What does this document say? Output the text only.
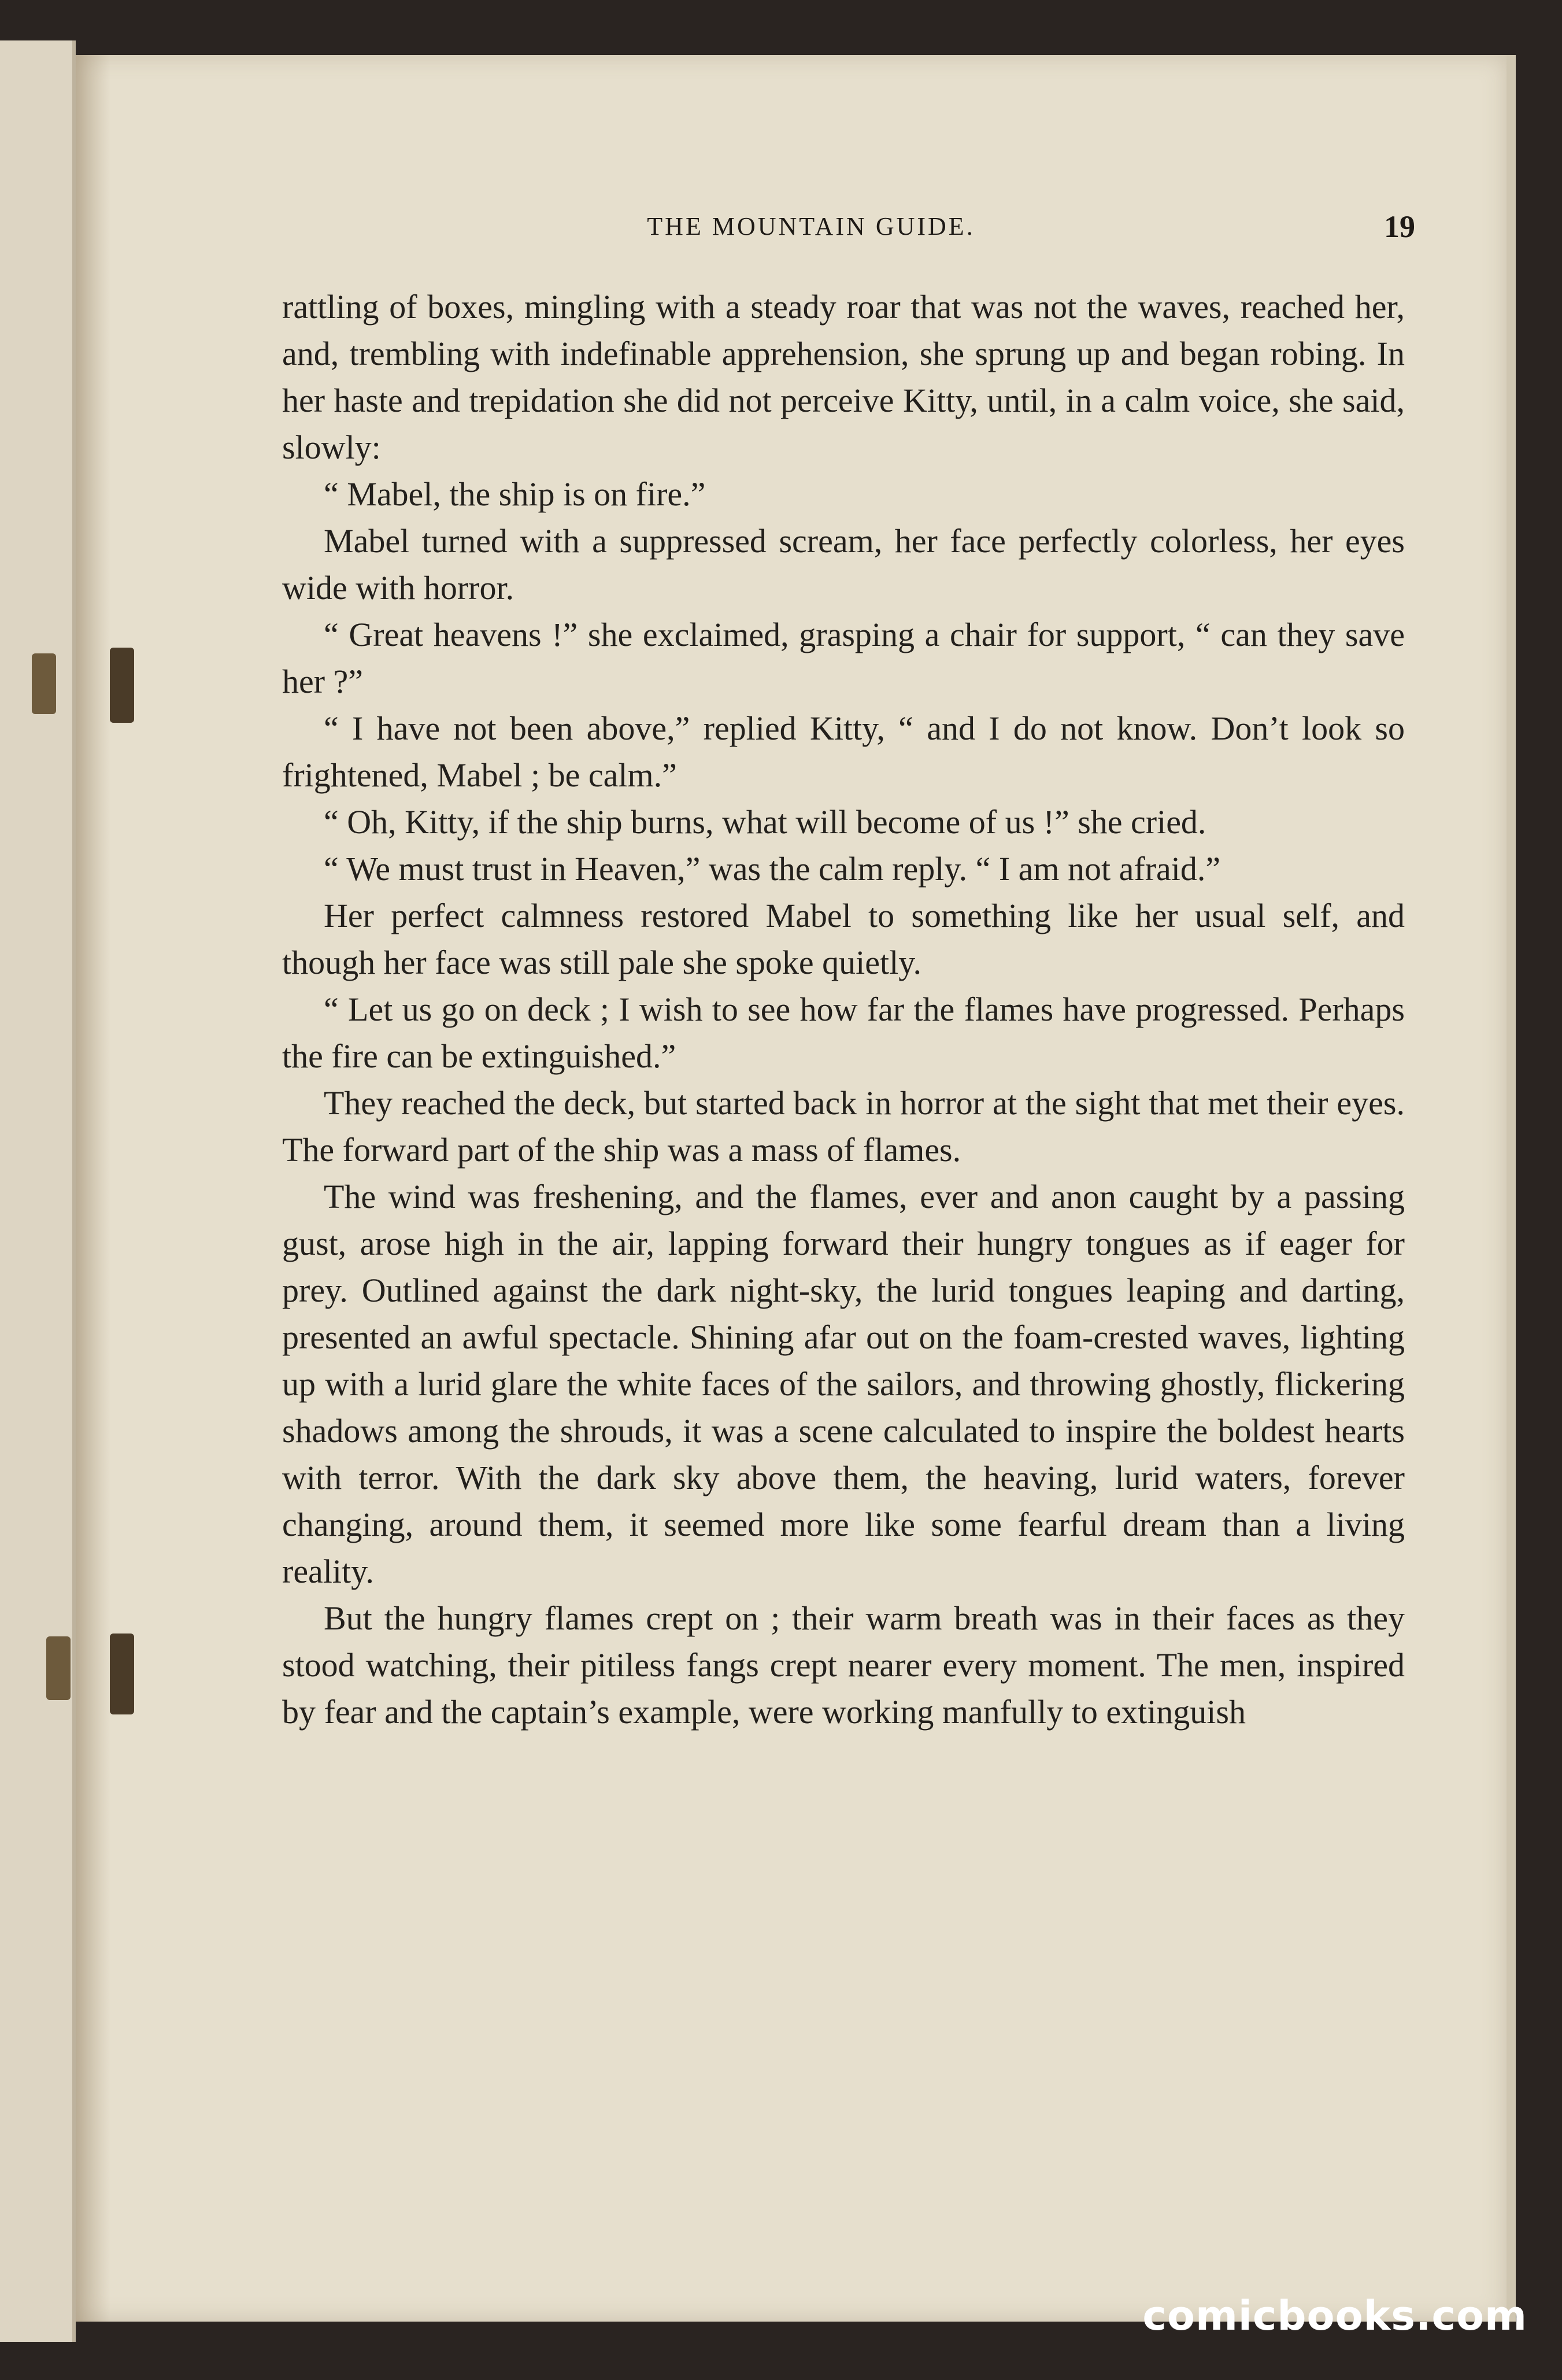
THE MOUNTAIN GUIDE.	19

rattling of boxes, mingling with a steady roar that was not the waves, reached her, and, trembling with indefinable apprehension, she sprung up and began robing. In her haste and trepidation she did not perceive Kitty, until, in a calm voice, she said, slowly:

“ Mabel, the ship is on fire.”

Mabel turned with a suppressed scream, her face perfectly colorless, her eyes wide with horror.

“ Great heavens !” she exclaimed, grasping a chair for support, “ can they save her ?”

“ I have not been above,” replied Kitty, “ and I do not know. Don’t look so frightened, Mabel ; be calm.”

“ Oh, Kitty, if the ship burns, what will become of us !” she cried.

“ We must trust in Heaven,” was the calm reply. “ I am not afraid.”

Her perfect calmness restored Mabel to something like her usual self, and though her face was still pale she spoke quietly.

“ Let us go on deck ; I wish to see how far the flames have progressed. Perhaps the fire can be extinguished.”

They reached the deck, but started back in horror at the sight that met their eyes. The forward part of the ship was a mass of flames.

The wind was freshening, and the flames, ever and anon caught by a passing gust, arose high in the air, lapping forward their hungry tongues as if eager for prey. Outlined against the dark night-sky, the lurid tongues leaping and darting, presented an awful spectacle. Shining afar out on the foam-crested waves, lighting up with a lurid glare the white faces of the sailors, and throwing ghostly, flickering shadows among the shrouds, it was a scene calculated to inspire the boldest hearts with terror. With the dark sky above them, the heaving, lurid waters, forever changing, around them, it seemed more like some fearful dream than a living reality.

But the hungry flames crept on ; their warm breath was in their faces as they stood watching, their pitiless fangs crept nearer every moment. The men, inspired by fear and the captain’s example, were working manfully to extinguish

comicbooks.com
